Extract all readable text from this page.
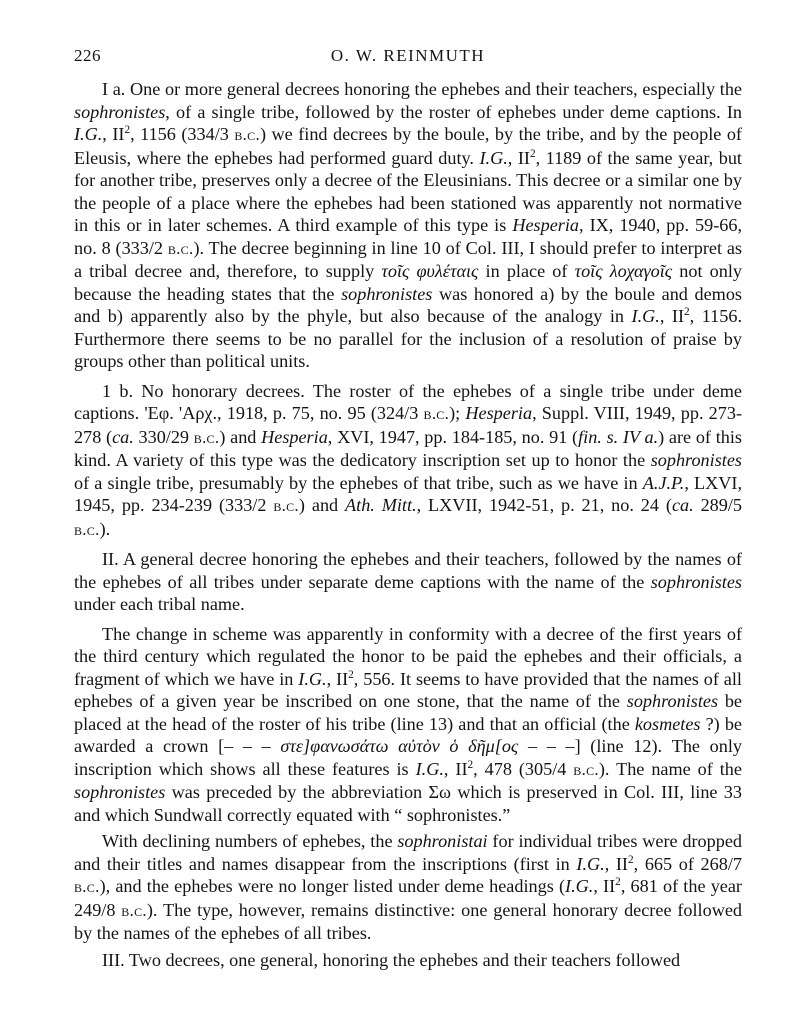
226	O. W. REINMUTH

I a. One or more general decrees honoring the ephebes and their teachers, especially the sophronistes, of a single tribe, followed by the roster of ephebes under deme captions. In I.G., $II^2$, 1156 (334/3 b.c.) we find decrees by the boule, by the tribe, and by the people of Eleusis, where the ephebes had performed guard duty. I.G., $II^2$, 1189 of the same year, but for another tribe, preserves only a decree of the Eleusinians. This decree or a similar one by the people of a place where the ephebes had been stationed was apparently not normative in this or in later schemes. A third example of this type is Hesperia, IX, 1940, pp. 59-66, no. 8 (333/2 b.c.). The decree beginning in line 10 of Col. III, I should prefer to interpret as a tribal decree and, therefore, to supply τοῖς φυλέταις in place of τοῖς λοχαγοῖς not only because the heading states that the sophronistes was honored a) by the boule and demos and b) apparently also by the phyle, but also because of the analogy in I.G., $II^2$, 1156. Furthermore there seems to be no parallel for the inclusion of a resolution of praise by groups other than political units.

1 b. No honorary decrees. The roster of the ephebes of a single tribe under deme captions. 'Εφ. 'Αρχ., 1918, p. 75, no. 95 (324/3 b.c.); Hesperia, Suppl. VIII, 1949, pp. 273-278 (ca. 330/29 b.c.) and Hesperia, XVI, 1947, pp. 184-185, no. 91 (fin. s. IV a.) are of this kind. A variety of this type was the dedicatory inscription set up to honor the sophronistes of a single tribe, presumably by the ephebes of that tribe, such as we have in A.J.P., LXVI, 1945, pp. 234-239 (333/2 b.c.) and Ath. Mitt., LXVII, 1942-51, p. 21, no. 24 (ca. 289/5 b.c.).

II. A general decree honoring the ephebes and their teachers, followed by the names of the ephebes of all tribes under separate deme captions with the name of the sophronistes under each tribal name.

The change in scheme was apparently in conformity with a decree of the first years of the third century which regulated the honor to be paid the ephebes and their officials, a fragment of which we have in I.G., $II^2$, 556. It seems to have provided that the names of all ephebes of a given year be inscribed on one stone, that the name of the sophronistes be placed at the head of the roster of his tribe (line 13) and that an official (the kosmetes ?) be awarded a crown [– – – στε]φανωσάτω αὐτὸν ὁ δῆμ[ος – – –] (line 12). The only inscription which shows all these features is I.G., $II^2$, 478 (305/4 b.c.). The name of the sophronistes was preceded by the abbreviation Σω which is preserved in Col. III, line 33 and which Sundwall correctly equated with “ sophronistes.”

With declining numbers of ephebes, the sophronistai for individual tribes were dropped and their titles and names disappear from the inscriptions (first in I.G., $II^2$, 665 of 268/7 b.c.), and the ephebes were no longer listed under deme headings (I.G., $II^2$, 681 of the year 249/8 b.c.). The type, however, remains distinctive: one general honorary decree followed by the names of the ephebes of all tribes.

III. Two decrees, one general, honoring the ephebes and their teachers followed
